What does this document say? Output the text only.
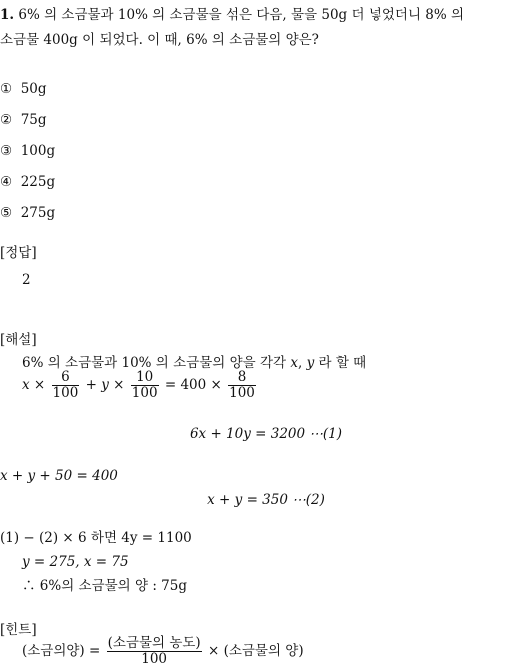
1. 6% 의 소금물과 10% 의 소금물을 섞은 다음, 물을 50g 더 넣었더니 8% 의
소금물 400g 이 되었다. 이 때, 6% 의 소금물의 양은?
① 50g
② 75g
③ 100g
④ 225g
⑤ 275g
[정답]
2
[해설]
6% 의 소금물과 10% 의 소금물의 양을 각각 x, y 라 할 때
$x \times \frac{6}{100} + y \times \frac{10}{100} = 400 \times \frac{8}{100}$
6x + 10y = 3200 ⋯(1)
x + y + 50 = 400
x + y = 350 ⋯(2)
(1) − (2) × 6 하면 4y = 1100
y = 275, x = 75
∴ 6%의 소금물의 양 : 75g
[힌트]
(소금의양) = $\frac{\text{(소금물의 농도)}}{100}$ × (소금물의 양)
